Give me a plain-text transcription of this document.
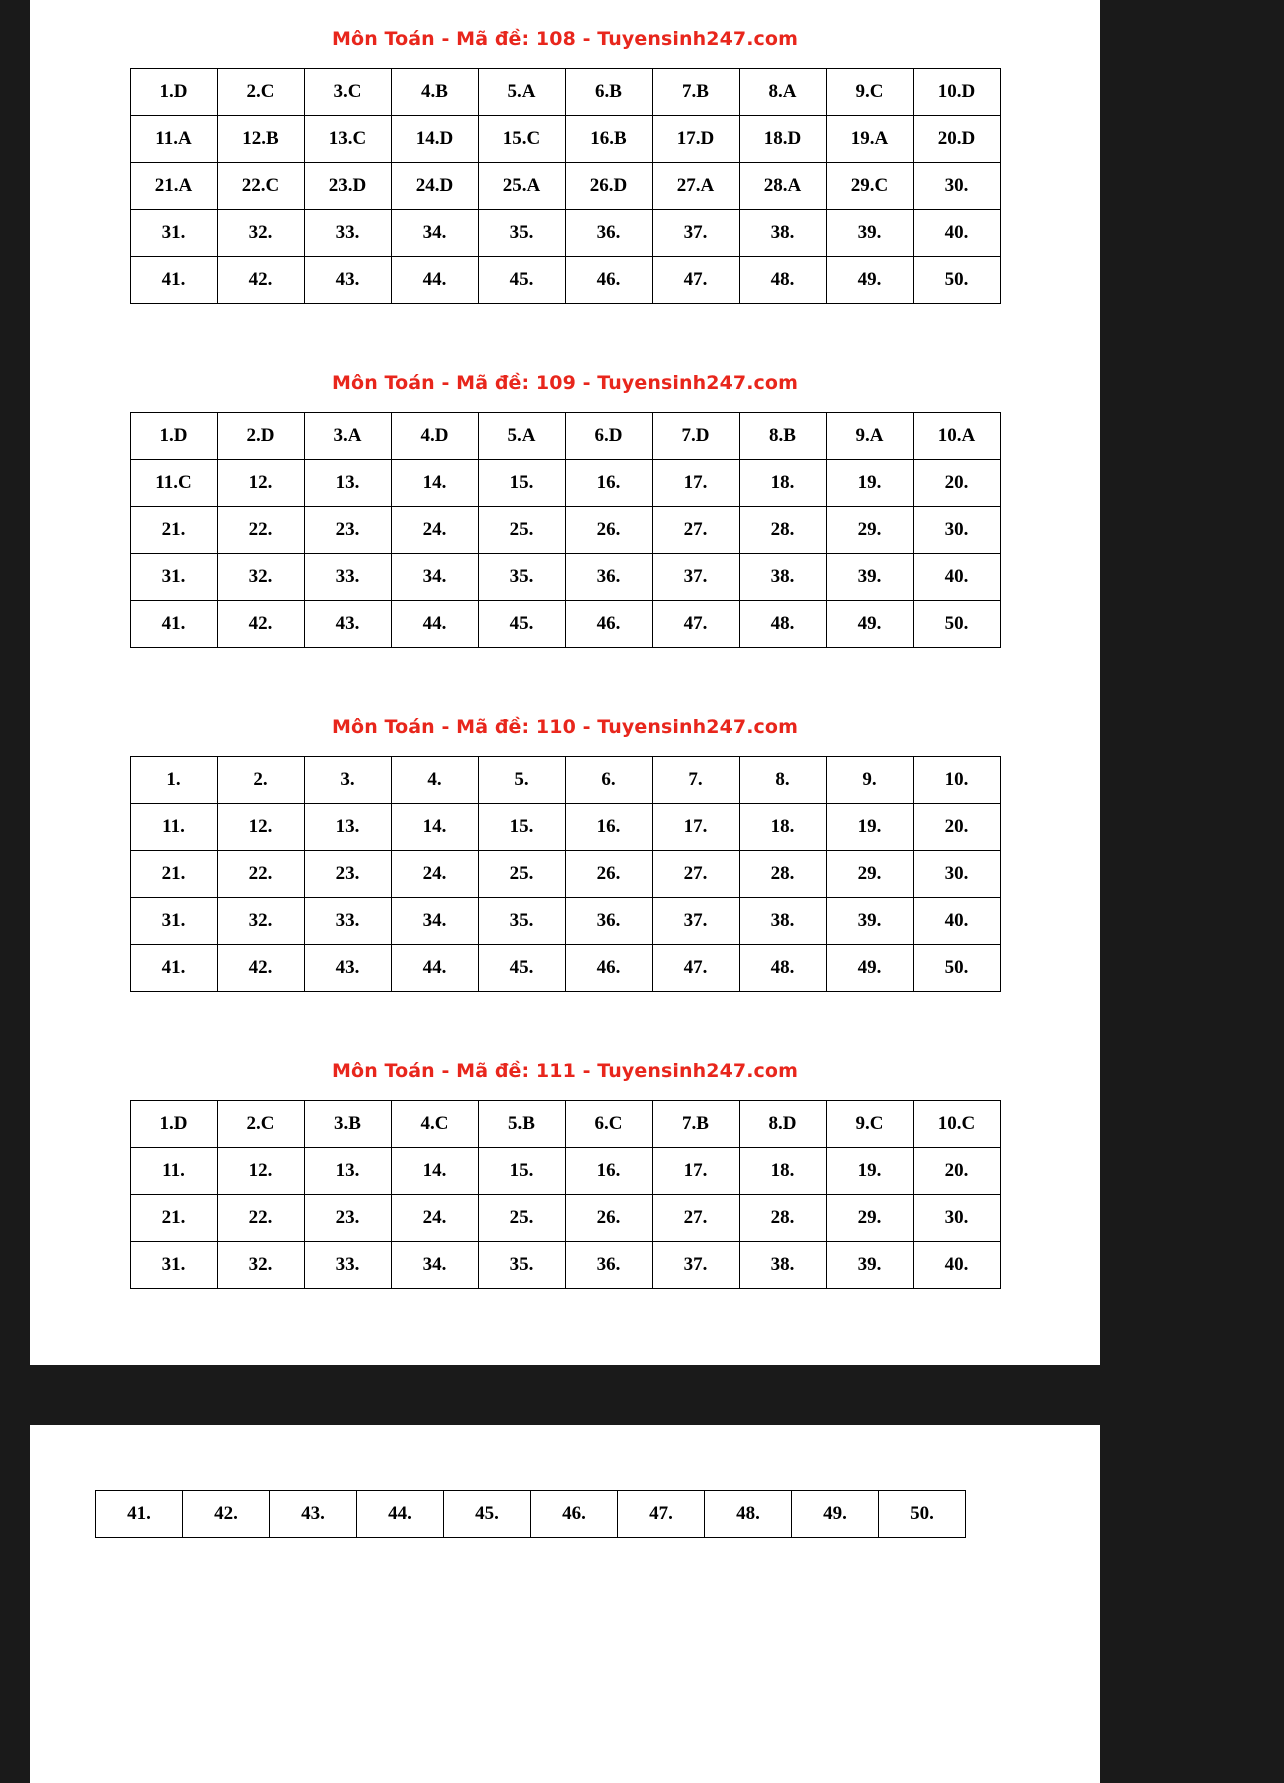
Môn Toán - Mã đề: 108 - Tuyensinh247.com
1.D	2.C	3.C	4.B	5.A	6.B	7.B	8.A	9.C	10.D
11.A	12.B	13.C	14.D	15.C	16.B	17.D	18.D	19.A	20.D
21.A	22.C	23.D	24.D	25.A	26.D	27.A	28.A	29.C	30.
31.	32.	33.	34.	35.	36.	37.	38.	39.	40.
41.	42.	43.	44.	45.	46.	47.	48.	49.	50.
Môn Toán - Mã đề: 109 - Tuyensinh247.com
1.D	2.D	3.A	4.D	5.A	6.D	7.D	8.B	9.A	10.A
11.C	12.	13.	14.	15.	16.	17.	18.	19.	20.
21.	22.	23.	24.	25.	26.	27.	28.	29.	30.
31.	32.	33.	34.	35.	36.	37.	38.	39.	40.
41.	42.	43.	44.	45.	46.	47.	48.	49.	50.
Môn Toán - Mã đề: 110 - Tuyensinh247.com
1.	2.	3.	4.	5.	6.	7.	8.	9.	10.
11.	12.	13.	14.	15.	16.	17.	18.	19.	20.
21.	22.	23.	24.	25.	26.	27.	28.	29.	30.
31.	32.	33.	34.	35.	36.	37.	38.	39.	40.
41.	42.	43.	44.	45.	46.	47.	48.	49.	50.
Môn Toán - Mã đề: 111 - Tuyensinh247.com
1.D	2.C	3.B	4.C	5.B	6.C	7.B	8.D	9.C	10.C
11.	12.	13.	14.	15.	16.	17.	18.	19.	20.
21.	22.	23.	24.	25.	26.	27.	28.	29.	30.
31.	32.	33.	34.	35.	36.	37.	38.	39.	40.
41.	42.	43.	44.	45.	46.	47.	48.	49.	50.
